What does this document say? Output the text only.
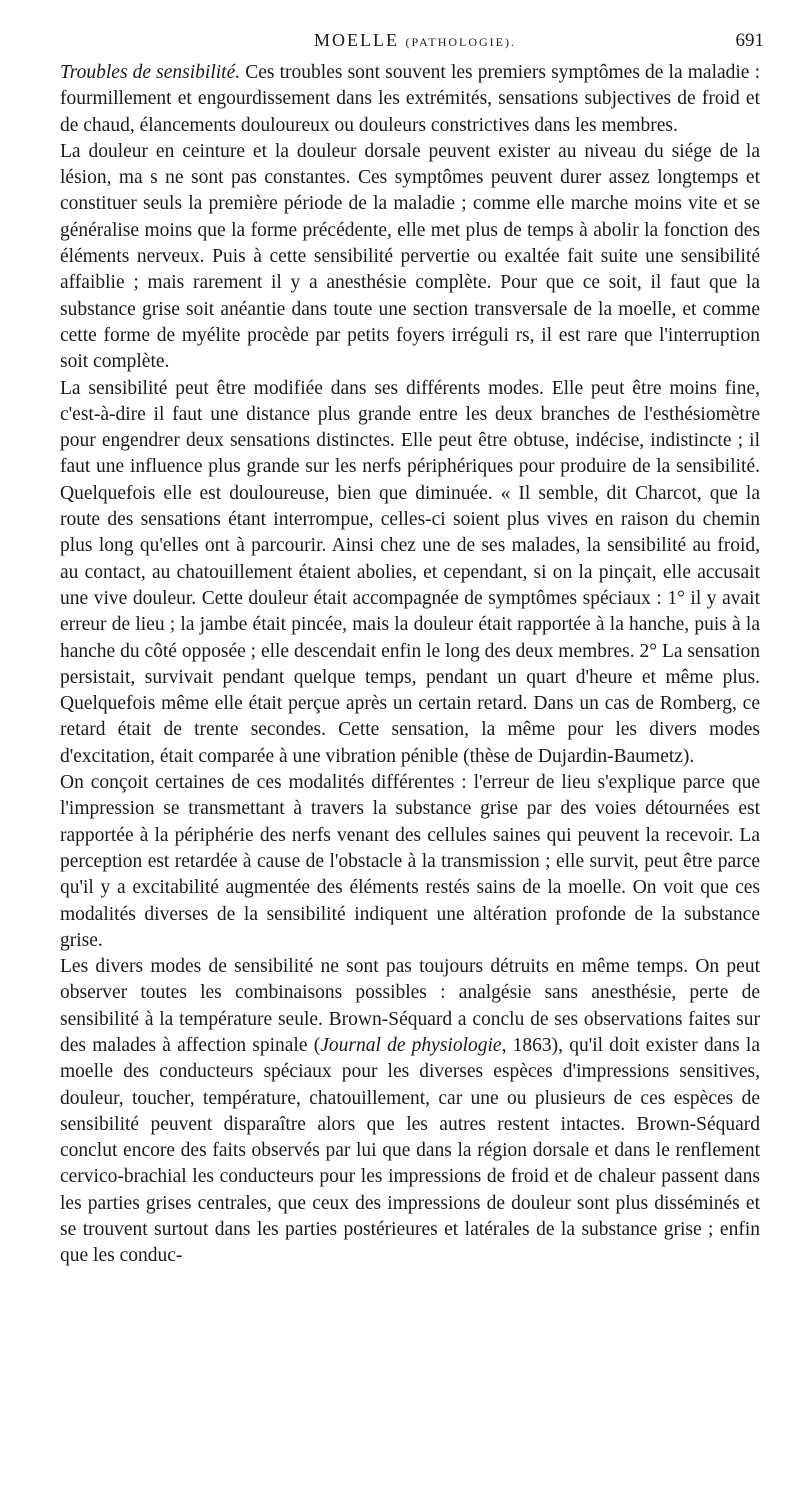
MOELLE (PATHOLOGIE).	691

Troubles de sensibilité. Ces troubles sont souvent les premiers symptômes de la maladie : fourmillement et engourdissement dans les extrémités, sensations subjectives de froid et de chaud, élancements douloureux ou douleurs constrictives dans les membres.

La douleur en ceinture et la douleur dorsale peuvent exister au niveau du siége de la lésion, ma s ne sont pas constantes. Ces symptômes peuvent durer assez longtemps et constituer seuls la première période de la maladie ; comme elle marche moins vite et se généralise moins que la forme précédente, elle met plus de temps à abolir la fonction des éléments nerveux. Puis à cette sensibilité pervertie ou exaltée fait suite une sensibilité affaiblie ; mais rarement il y a anesthésie complète. Pour que ce soit, il faut que la substance grise soit anéantie dans toute une section transversale de la moelle, et comme cette forme de myélite procède par petits foyers irréguli rs, il est rare que l'interruption soit complète.

La sensibilité peut être modifiée dans ses différents modes. Elle peut être moins fine, c'est-à-dire il faut une distance plus grande entre les deux branches de l'esthésiomètre pour engendrer deux sensations distinctes. Elle peut être obtuse, indécise, indistincte ; il faut une influence plus grande sur les nerfs périphériques pour produire de la sensibilité. Quelquefois elle est douloureuse, bien que diminuée. « Il semble, dit Charcot, que la route des sensations étant interrompue, celles-ci soient plus vives en raison du chemin plus long qu'elles ont à parcourir. Ainsi chez une de ses malades, la sensibilité au froid, au contact, au chatouillement étaient abolies, et cependant, si on la pinçait, elle accusait une vive douleur. Cette douleur était accompagnée de symptômes spéciaux : 1° il y avait erreur de lieu ; la jambe était pincée, mais la douleur était rapportée à la hanche, puis à la hanche du côté opposée ; elle descendait enfin le long des deux membres. 2° La sensation persistait, survivait pendant quelque temps, pendant un quart d'heure et même plus. Quelquefois même elle était perçue après un certain retard. Dans un cas de Romberg, ce retard était de trente secondes. Cette sensation, la même pour les divers modes d'excitation, était comparée à une vibration pénible (thèse de Dujardin-Baumetz).

On conçoit certaines de ces modalités différentes : l'erreur de lieu s'explique parce que l'impression se transmettant à travers la substance grise par des voies détournées est rapportée à la périphérie des nerfs venant des cellules saines qui peuvent la recevoir. La perception est retardée à cause de l'obstacle à la transmission ; elle survit, peut être parce qu'il y a excitabilité augmentée des éléments restés sains de la moelle. On voit que ces modalités diverses de la sensibilité indiquent une altération profonde de la substance grise.

Les divers modes de sensibilité ne sont pas toujours détruits en même temps. On peut observer toutes les combinaisons possibles : analgésie sans anesthésie, perte de sensibilité à la température seule. Brown-Séquard a conclu de ses observations faites sur des malades à affection spinale (Journal de physiologie, 1863), qu'il doit exister dans la moelle des conducteurs spéciaux pour les diverses espèces d'impressions sensitives, douleur, toucher, température, chatouillement, car une ou plusieurs de ces espèces de sensibilité peuvent disparaître alors que les autres restent intactes. Brown-Séquard conclut encore des faits observés par lui que dans la région dorsale et dans le renflement cervico-brachial les conducteurs pour les impressions de froid et de chaleur passent dans les parties grises centrales, que ceux des impressions de douleur sont plus disséminés et se trouvent surtout dans les parties postérieures et latérales de la substance grise ; enfin que les conduc-
